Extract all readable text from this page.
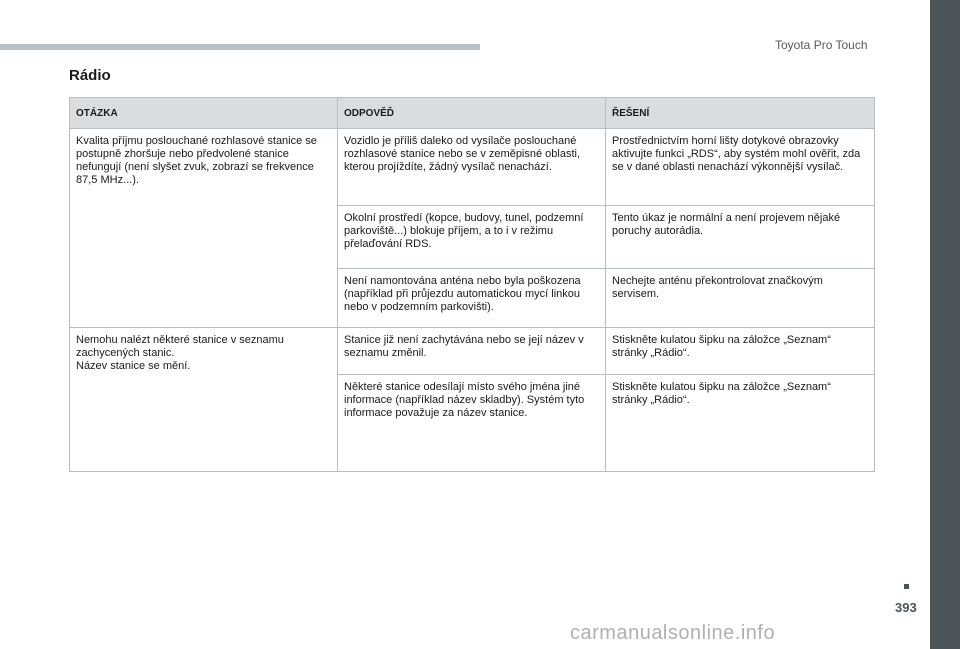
Toyota Pro Touch
Rádio
OTÁZKA	ODPOVĚĎ	ŘEŠENÍ
Kvalita příjmu poslouchané rozhlasové stanice se postupně zhoršuje nebo předvolené stanice nefungují (není slyšet zvuk, zobrazí se frekvence 87,5 MHz...).	Vozidlo je příliš daleko od vysílače poslouchané rozhlasové stanice nebo se v zeměpisné oblasti, kterou projíždíte, žádný vysílač nenachází.	Prostřednictvím horní lišty dotykové obrazovky aktivujte funkci „RDS“, aby systém mohl ověřit, zda se v dané oblasti nenachází výkonnější vysílač.
	Okolní prostředí (kopce, budovy, tunel, podzemní parkoviště...) blokuje příjem, a to i v režimu přelaďování RDS.	Tento úkaz je normální a není projevem nějaké poruchy autorádia.
	Není namontována anténa nebo byla poškozena (například při průjezdu automatickou mycí linkou nebo v podzemním parkovišti).	Nechejte anténu překontrolovat značkovým servisem.
Nemohu nalézt některé stanice v seznamu zachycených stanic.
Název stanice se mění.	Stanice již není zachytávána nebo se její název v seznamu změnil.	Stiskněte kulatou šipku na záložce „Seznam“ stránky „Rádio“.
	Některé stanice odesílají místo svého jména jiné informace (například název skladby). Systém tyto informace považuje za název stanice.	Stiskněte kulatou šipku na záložce „Seznam“ stránky „Rádio“.
393
carmanualsonline.info
